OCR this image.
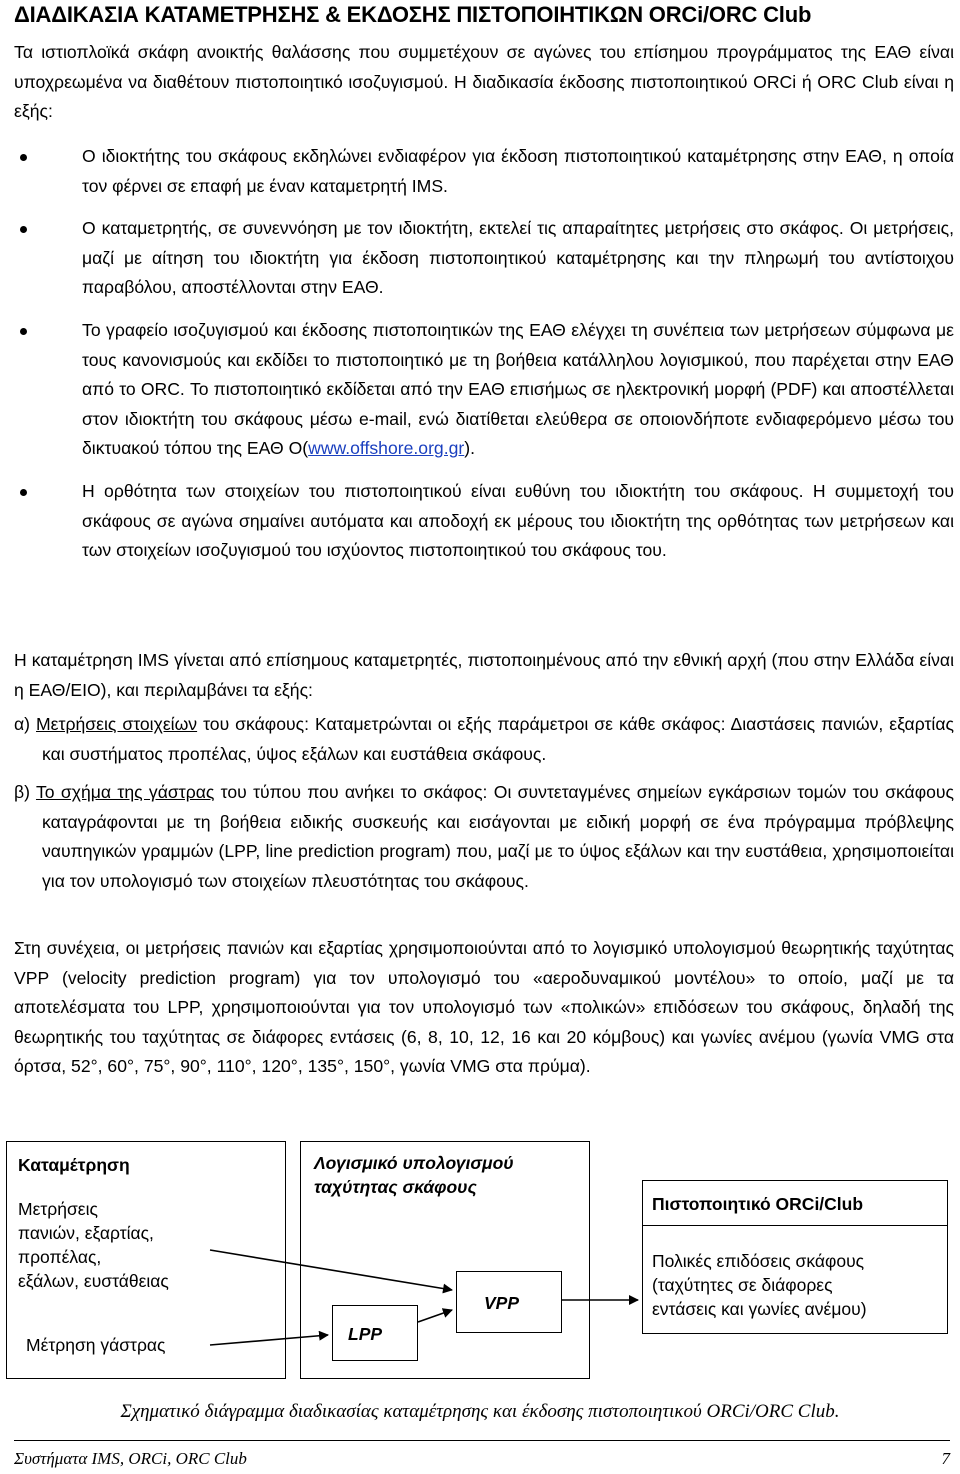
ΔΙΑΔΙΚΑΣΙΑ ΚΑΤΑΜΕΤΡΗΣΗΣ & ΕΚΔΟΣΗΣ ΠΙΣΤΟΠΟΙΗΤΙΚΩΝ ORCi/ORC Club

Τα ιστιοπλοϊκά σκάφη ανοικτής θαλάσσης που συμμετέχουν σε αγώνες του επίσημου προγράμματος της ΕΑΘ είναι υποχρεωμένα να διαθέτουν πιστοποιητικό ισοζυγισμού. Η διαδικασία έκδοσης πιστοποιητικού ORCi ή ORC Club είναι η εξής:

Ο ιδιοκτήτης του σκάφους εκδηλώνει ενδιαφέρον για έκδοση πιστοποιητικού καταμέτρησης στην ΕΑΘ, η οποία τον φέρνει σε επαφή με έναν καταμετρητή IMS.
Ο καταμετρητής, σε συνεννόηση με τον ιδιοκτήτη, εκτελεί τις απαραίτητες μετρήσεις στο σκάφος. Οι μετρήσεις, μαζί με αίτηση του ιδιοκτήτη για έκδοση πιστοποιητικού καταμέτρησης και την πληρωμή του αντίστοιχου παραβόλου, αποστέλλονται στην ΕΑΘ.
Το γραφείο ισοζυγισμού και έκδοσης πιστοποιητικών της ΕΑΘ ελέγχει τη συνέπεια των μετρήσεων σύμφωνα με τους κανονισμούς και εκδίδει το πιστοποιητικό με τη βοήθεια κατάλληλου λογισμικού, που παρέχεται στην ΕΑΘ από το ORC. Το πιστοποιητικό εκδίδεται από την ΕΑΘ επισήμως σε ηλεκτρονική μορφή (PDF) και αποστέλλεται στον ιδιοκτήτη του σκάφους μέσω e-mail, ενώ διατίθεται ελεύθερα σε οποιονδήποτε ενδιαφερόμενο μέσω του δικτυακού τόπου της ΕΑΘ Ο(www.offshore.org.gr).
Η ορθότητα των στοιχείων του πιστοποιητικού είναι ευθύνη του ιδιοκτήτη του σκάφους. Η συμμετοχή του σκάφους σε αγώνα σημαίνει αυτόματα και αποδοχή εκ μέρους του ιδιοκτήτη της ορθότητας των μετρήσεων και των στοιχείων ισοζυγισμού του ισχύοντος πιστοποιητικού του σκάφους του.

Η καταμέτρηση IMS γίνεται από επίσημους καταμετρητές, πιστοποιημένους από την εθνική αρχή (που στην Ελλάδα είναι η ΕΑΘ/ΕΙΟ), και περιλαμβάνει τα εξής:

α) Μετρήσεις στοιχείων του σκάφους: Καταμετρώνται οι εξής παράμετροι σε κάθε σκάφος: Διαστάσεις πανιών, εξαρτίας και συστήματος προπέλας, ύψος εξάλων και ευστάθεια σκάφους.

β) Το σχήμα της γάστρας του τύπου που ανήκει το σκάφος: Οι συντεταγμένες σημείων εγκάρσιων τομών του σκάφους καταγράφονται με τη βοήθεια ειδικής συσκευής και εισάγονται με ειδική μορφή σε ένα πρόγραμμα πρόβλεψης ναυπηγικών γραμμών (LPP, line prediction program) που, μαζί με το ύψος εξάλων και την ευστάθεια, χρησιμοποιείται για τον υπολογισμό των στοιχείων πλευστότητας του σκάφους.

Στη συνέχεια, οι μετρήσεις πανιών και εξαρτίας χρησιμοποιούνται από το λογισμικό υπολογισμού θεωρητικής ταχύτητας VPP (velocity prediction program) για τον υπολογισμό του «αεροδυναμικού μοντέλου» το οποίο, μαζί με τα αποτελέσματα του LPP, χρησιμοποιούνται για τον υπολογισμό των «πολικών» επιδόσεων του σκάφους, δηλαδή της θεωρητικής του ταχύτητας σε διάφορες εντάσεις (6, 8, 10, 12, 16 και 20 κόμβους) και γωνίες ανέμου (γωνία VMG στα όρτσα, 52°, 60°, 75°, 90°, 110°, 120°, 135°, 150°, γωνία VMG στα πρύμα).

Καταμέτρηση
Μετρήσεις
πανιών, εξαρτίας,
προπέλας,
εξάλων, ευστάθειας
Μέτρηση γάστρας
Λογισμικό υπολογισμού
ταχύτητας σκάφους
VPP
LPP
Πιστοποιητικό ORCi/Club
Πολικές επιδόσεις σκάφους
(ταχύτητες σε διάφορες
εντάσεις και γωνίες ανέμου)
Σχηματικό διάγραμμα διαδικασίας καταμέτρησης και έκδοσης πιστοποιητικού ORCi/ORC Club.
Συστήματα IMS, ORCi, ORC Club	7
